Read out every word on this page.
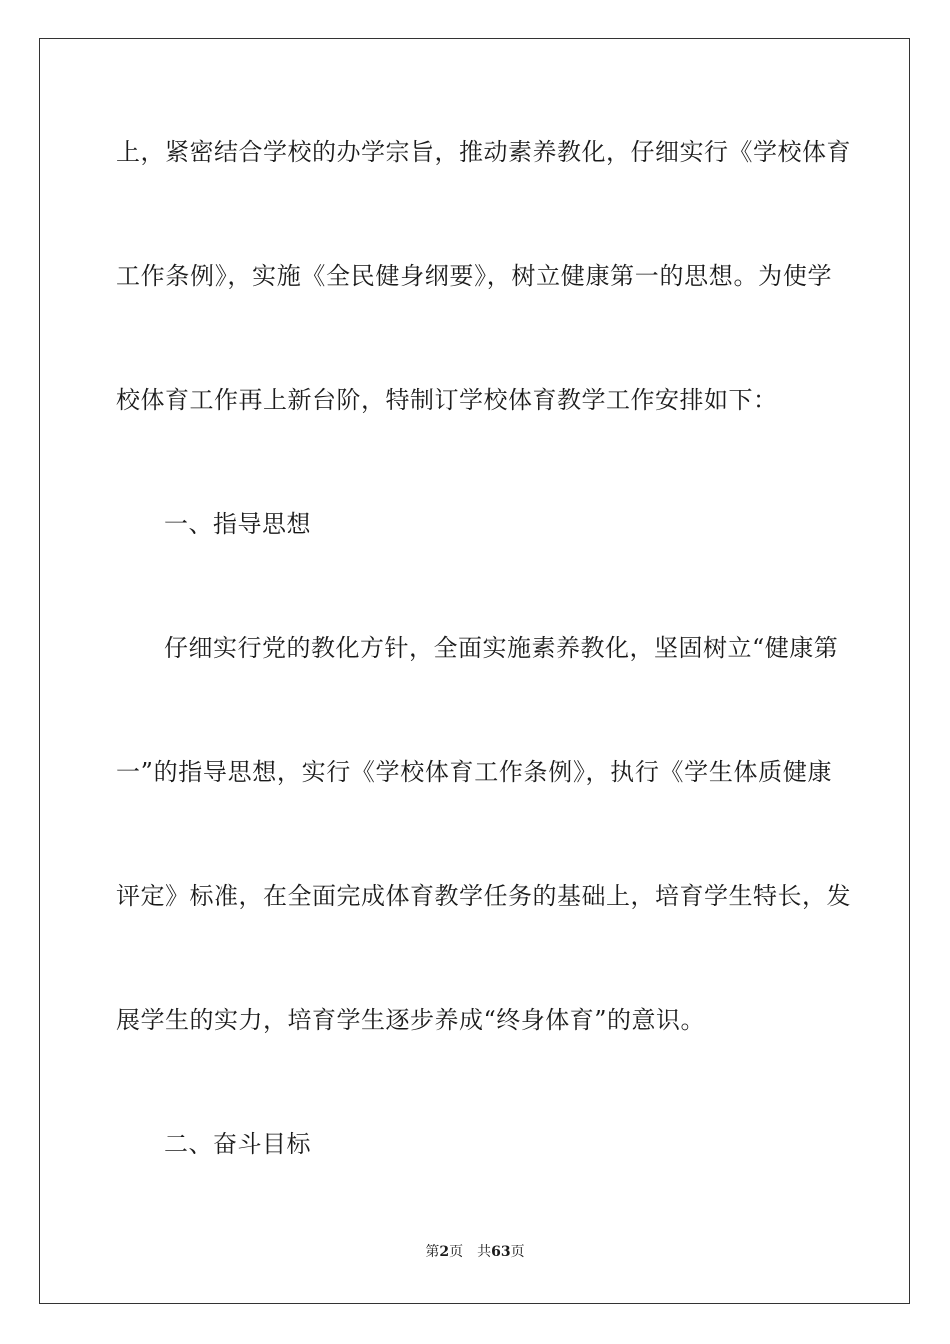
上，紧密结合学校的办学宗旨，推动素养教化，仔细实行《学校体育
工作条例》，实施《全民健身纲要》，树立健康第一的思想。为使学
校体育工作再上新台阶，特制订学校体育教学工作安排如下：
一、指导思想
仔细实行党的教化方针，全面实施素养教化，坚固树立“健康第
一”的指导思想，实行《学校体育工作条例》，执行《学生体质健康
评定》标准，在全面完成体育教学任务的基础上，培育学生特长，发
展学生的实力，培育学生逐步养成“终身体育”的意识。
二、奋斗目标
第2页 共63页
